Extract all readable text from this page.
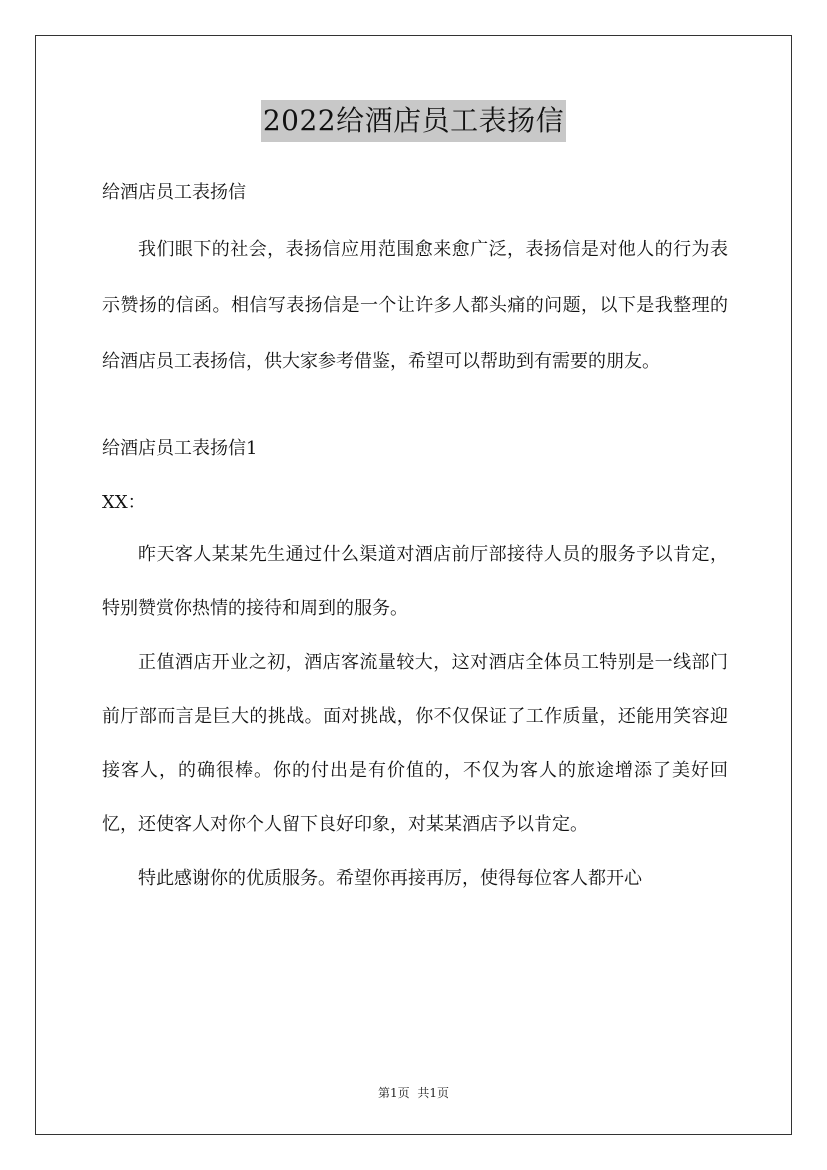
2022给酒店员工表扬信

给酒店员工表扬信

我们眼下的社会，表扬信应用范围愈来愈广泛，表扬信是对他人的行为表示赞扬的信函。相信写表扬信是一个让许多人都头痛的问题，以下是我整理的给酒店员工表扬信，供大家参考借鉴，希望可以帮助到有需要的朋友。

给酒店员工表扬信1

XX：

昨天客人某某先生通过什么渠道对酒店前厅部接待人员的服务予以肯定，特别赞赏你热情的接待和周到的服务。

正值酒店开业之初，酒店客流量较大，这对酒店全体员工特别是一线部门前厅部而言是巨大的挑战。面对挑战，你不仅保证了工作质量，还能用笑容迎接客人，的确很棒。你的付出是有价值的，不仅为客人的旅途增添了美好回忆，还使客人对你个人留下良好印象，对某某酒店予以肯定。

特此感谢你的优质服务。希望你再接再厉，使得每位客人都开心

第1页 共1页
